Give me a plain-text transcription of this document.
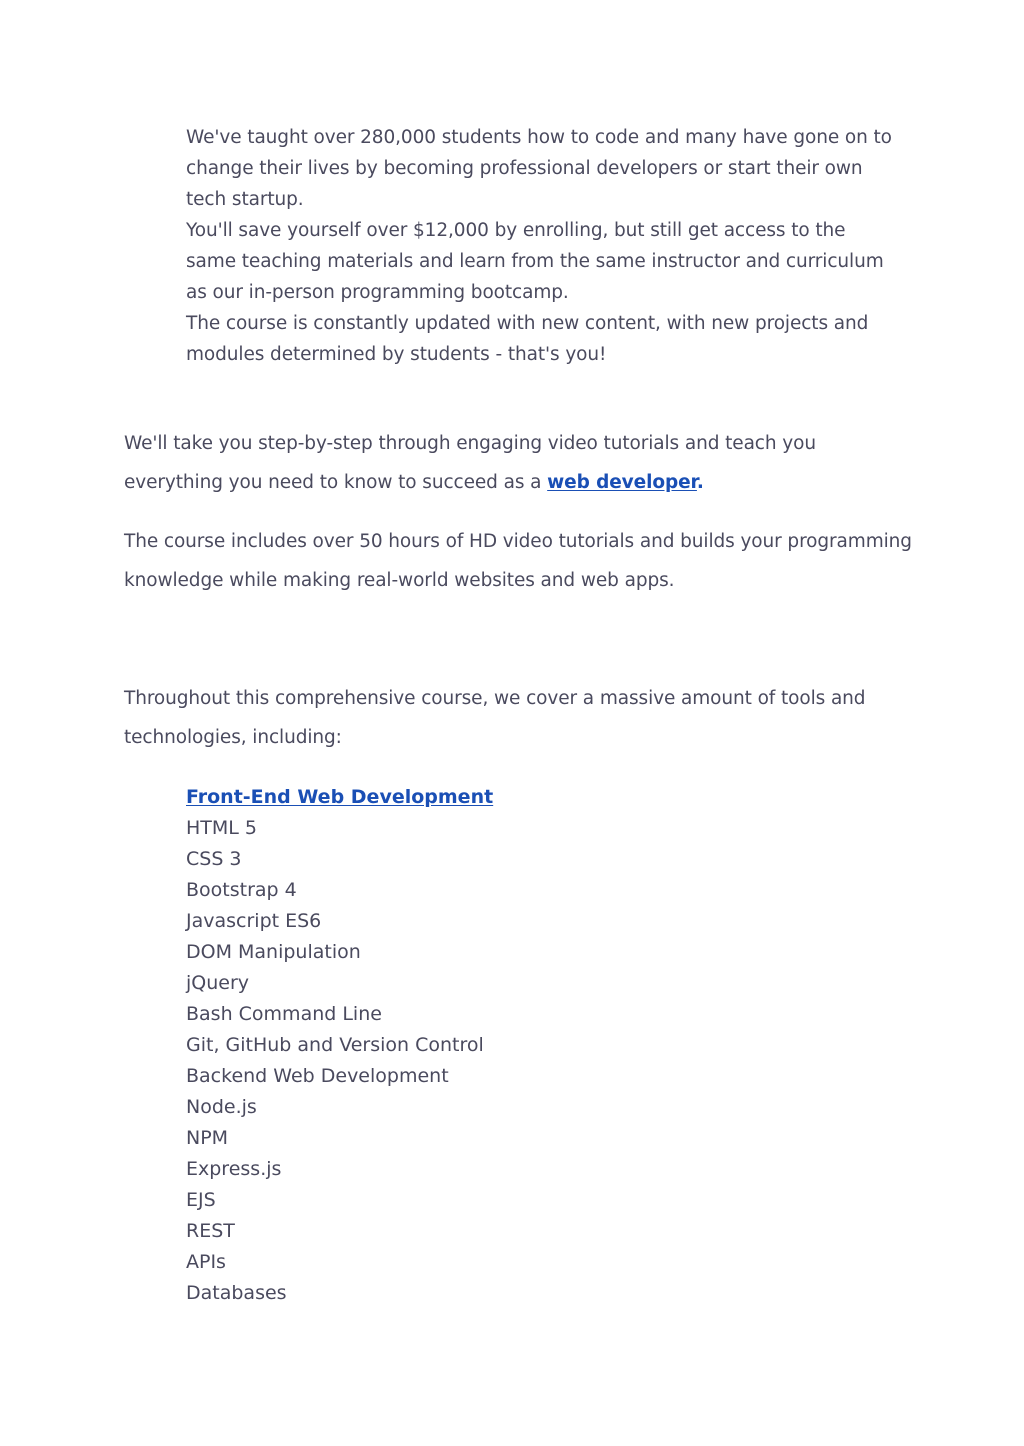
We've taught over 280,000 students how to code and many have gone on to change their lives by becoming professional developers or start their own tech startup.

You'll save yourself over $12,000 by enrolling, but still get access to the same teaching materials and learn from the same instructor and curriculum as our in-person programming bootcamp.

The course is constantly updated with new content, with new projects and modules determined by students - that's you!

We'll take you step-by-step through engaging video tutorials and teach you everything you need to know to succeed as a web developer.

The course includes over 50 hours of HD video tutorials and builds your programming knowledge while making real-world websites and web apps.

Throughout this comprehensive course, we cover a massive amount of tools and technologies, including:

Front-End Web Development
HTML 5
CSS 3
Bootstrap 4
Javascript ES6
DOM Manipulation
jQuery
Bash Command Line
Git, GitHub and Version Control
Backend Web Development
Node.js
NPM
Express.js
EJS
REST
APIs
Databases
